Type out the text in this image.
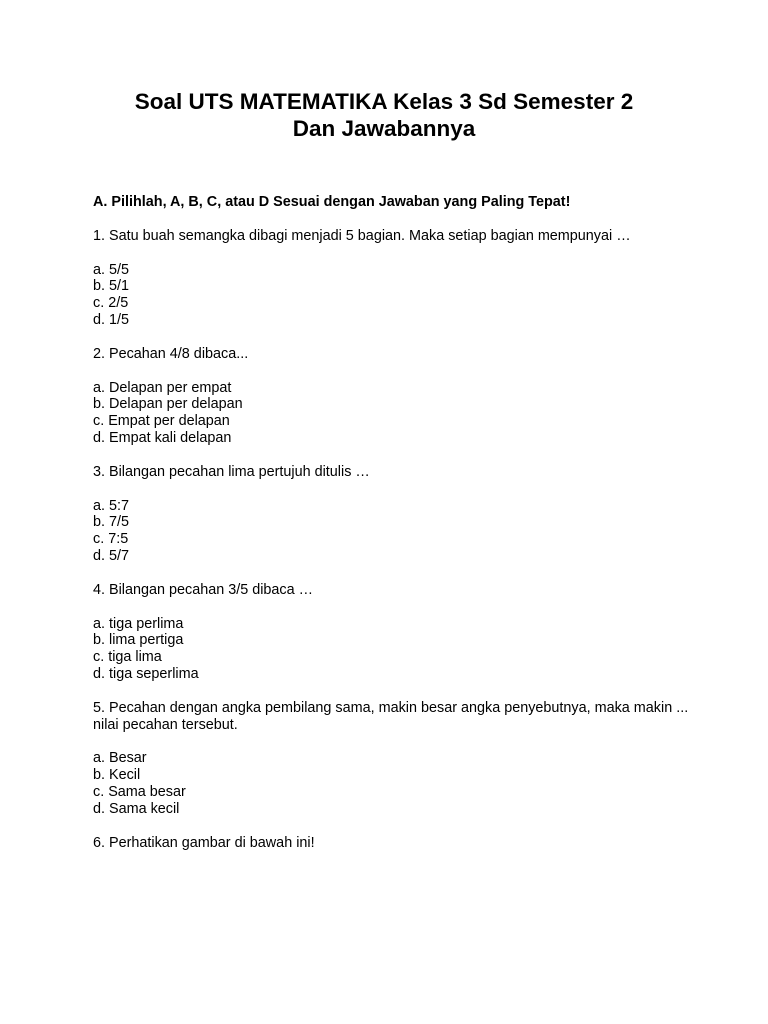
Soal UTS MATEMATIKA Kelas 3 Sd Semester 2
Dan Jawabannya

A. Pilihlah, A, B, C, atau D Sesuai dengan Jawaban yang Paling Tepat!

1. Satu buah semangka dibagi menjadi 5 bagian. Maka setiap bagian mempunyai …

a. 5/5

b. 5/1

c. 2/5

d. 1/5

2. Pecahan 4/8 dibaca...

a. Delapan per empat

b. Delapan per delapan

c. Empat per delapan

d. Empat kali delapan

3. Bilangan pecahan lima pertujuh ditulis …

a. 5:7

b. 7/5

c. 7:5

d. 5/7

4. Bilangan pecahan 3/5 dibaca …

a. tiga perlima

b. lima pertiga

c. tiga lima

d. tiga seperlima

5. Pecahan dengan angka pembilang sama, makin besar angka penyebutnya, maka makin ... nilai pecahan tersebut.

a. Besar

b. Kecil

c. Sama besar

d. Sama kecil

6. Perhatikan gambar di bawah ini!
